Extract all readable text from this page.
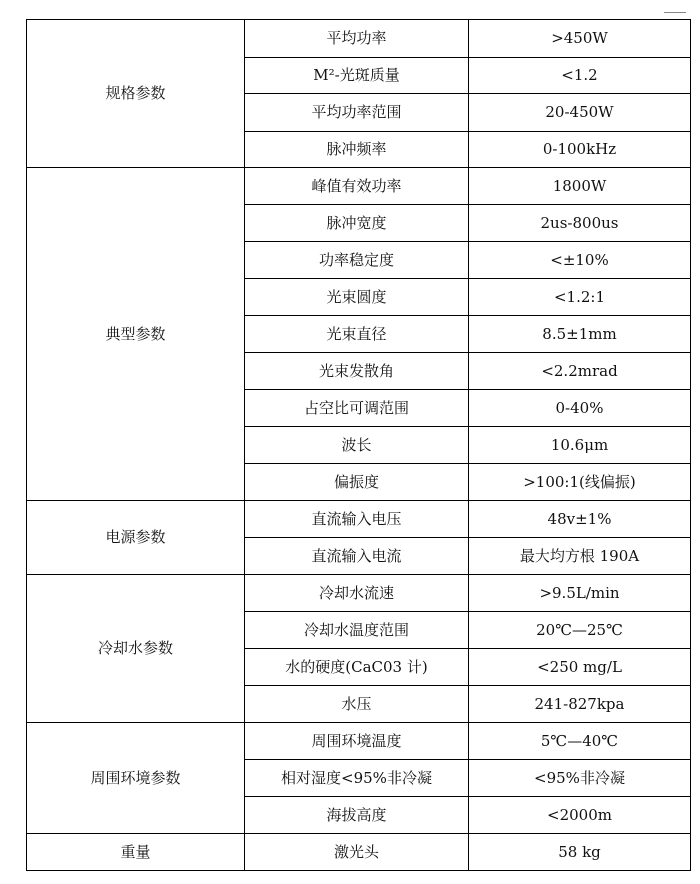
规格参数	平均功率	>450W
	M²-光斑质量	<1.2
	平均功率范围	20-450W
	脉冲频率	0-100kHz
典型参数	峰值有效功率	1800W
	脉冲宽度	2us-800us
	功率稳定度	<±10%
	光束圆度	<1.2:1
	光束直径	8.5±1mm
	光束发散角	<2.2mrad
	占空比可调范围	0-40%
	波长	10.6μm
	偏振度	>100:1(线偏振)
电源参数	直流输入电压	48v±1%
	直流输入电流	最大均方根 190A
冷却水参数	冷却水流速	>9.5L/min
	冷却水温度范围	20℃—25℃
	水的硬度(CaC03 计)	<250 mg/L
	水压	241-827kpa
周围环境参数	周围环境温度	5℃—40℃
	相对湿度<95%非冷凝	<95%非冷凝
	海拔高度	<2000m
重量	激光头	58 kg
